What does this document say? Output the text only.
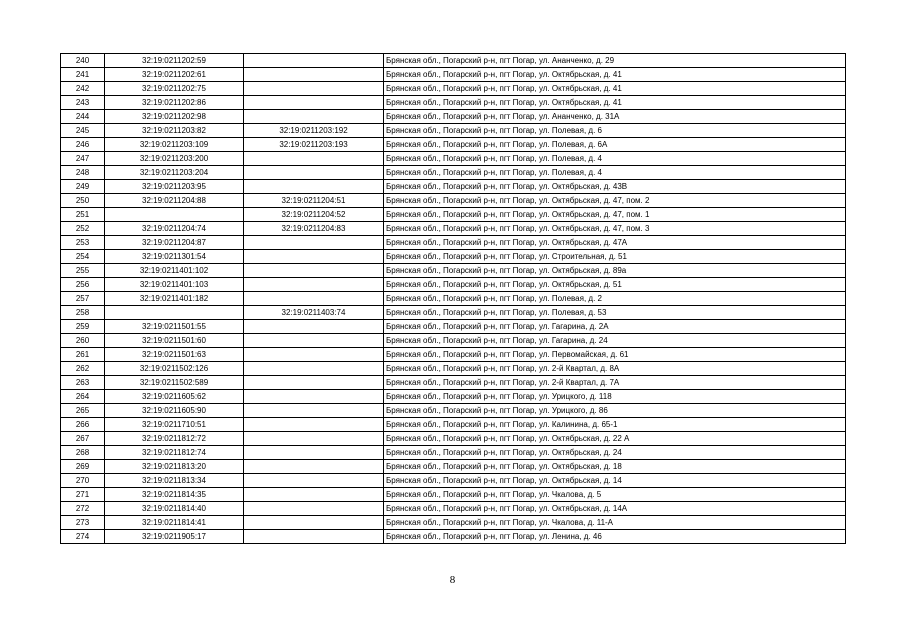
240	32:19:0211202:59		Брянская обл., Погарский р-н, пгт Погар, ул. Ананченко, д. 29
241	32:19:0211202:61		Брянская обл., Погарский р-н, пгт Погар, ул. Октябрьская, д. 41
242	32:19:0211202:75		Брянская обл., Погарский р-н, пгт Погар, ул. Октябрьская, д. 41
243	32:19:0211202:86		Брянская обл., Погарский р-н, пгт Погар, ул. Октябрьская, д. 41
244	32:19:0211202:98		Брянская обл., Погарский р-н, пгт Погар, ул. Ананченко, д. 31А
245	32:19:0211203:82	32:19:0211203:192	Брянская обл., Погарский р-н, пгт Погар, ул. Полевая, д. 6
246	32:19:0211203:109	32:19:0211203:193	Брянская обл., Погарский р-н, пгт Погар, ул. Полевая, д. 6А
247	32:19:0211203:200		Брянская обл., Погарский р-н, пгт Погар, ул. Полевая, д. 4
248	32:19:0211203:204		Брянская обл., Погарский р-н, пгт Погар, ул. Полевая, д. 4
249	32:19:0211203:95		Брянская обл., Погарский р-н, пгт Погар, ул. Октябрьская, д. 43В
250	32:19:0211204:88	32:19:0211204:51	Брянская обл., Погарский р-н, пгт Погар, ул. Октябрьская, д. 47, пом. 2
251		32:19:0211204:52	Брянская обл., Погарский р-н, пгт Погар, ул. Октябрьская, д. 47, пом. 1
252	32:19:0211204:74	32:19:0211204:83	Брянская обл., Погарский р-н, пгт Погар, ул. Октябрьская, д. 47, пом. 3
253	32:19:0211204:87		Брянская обл., Погарский р-н, пгт Погар, ул. Октябрьская, д. 47А
254	32:19:0211301:54		Брянская обл., Погарский р-н, пгт Погар, ул. Строительная, д. 51
255	32:19:0211401:102		Брянская обл., Погарский р-н, пгт Погар, ул. Октябрьская, д. 89а
256	32:19:0211401:103		Брянская обл., Погарский р-н, пгт Погар, ул. Октябрьская, д. 51
257	32:19:0211401:182		Брянская обл., Погарский р-н, пгт Погар, ул. Полевая, д. 2
258		32:19:0211403:74	Брянская обл., Погарский р-н, пгт Погар, ул. Полевая, д. 53
259	32:19:0211501:55		Брянская обл., Погарский р-н, пгт Погар, ул. Гагарина, д. 2А
260	32:19:0211501:60		Брянская обл., Погарский р-н, пгт Погар, ул. Гагарина, д. 24
261	32:19:0211501:63		Брянская обл., Погарский р-н, пгт Погар, ул. Первомайская, д. 61
262	32:19:0211502:126		Брянская обл., Погарский р-н, пгт Погар, ул. 2-й Квартал, д. 8А
263	32:19:0211502:589		Брянская обл., Погарский р-н, пгт Погар, ул. 2-й Квартал, д. 7А
264	32:19:0211605:62		Брянская обл., Погарский р-н, пгт Погар, ул. Урицкого, д. 118
265	32:19:0211605:90		Брянская обл., Погарский р-н, пгт Погар, ул. Урицкого, д. 86
266	32:19:0211710:51		Брянская обл., Погарский р-н, пгт Погар, ул. Калинина, д. 65-1
267	32:19:0211812:72		Брянская обл., Погарский р-н, пгт Погар, ул. Октябрьская, д. 22 А
268	32:19:0211812:74		Брянская обл., Погарский р-н, пгт Погар, ул. Октябрьская, д. 24
269	32:19:0211813:20		Брянская обл., Погарский р-н, пгт Погар, ул. Октябрьская, д. 18
270	32:19:0211813:34		Брянская обл., Погарский р-н, пгт Погар, ул. Октябрьская, д. 14
271	32:19:0211814:35		Брянская обл., Погарский р-н, пгт Погар, ул. Чкалова, д. 5
272	32:19:0211814:40		Брянская обл., Погарский р-н, пгт Погар, ул. Октябрьская, д. 14А
273	32:19:0211814:41		Брянская обл., Погарский р-н, пгт Погар, ул. Чкалова, д. 11-А
274	32:19:0211905:17		Брянская обл., Погарский р-н, пгт Погар, ул. Ленина, д. 46
8
